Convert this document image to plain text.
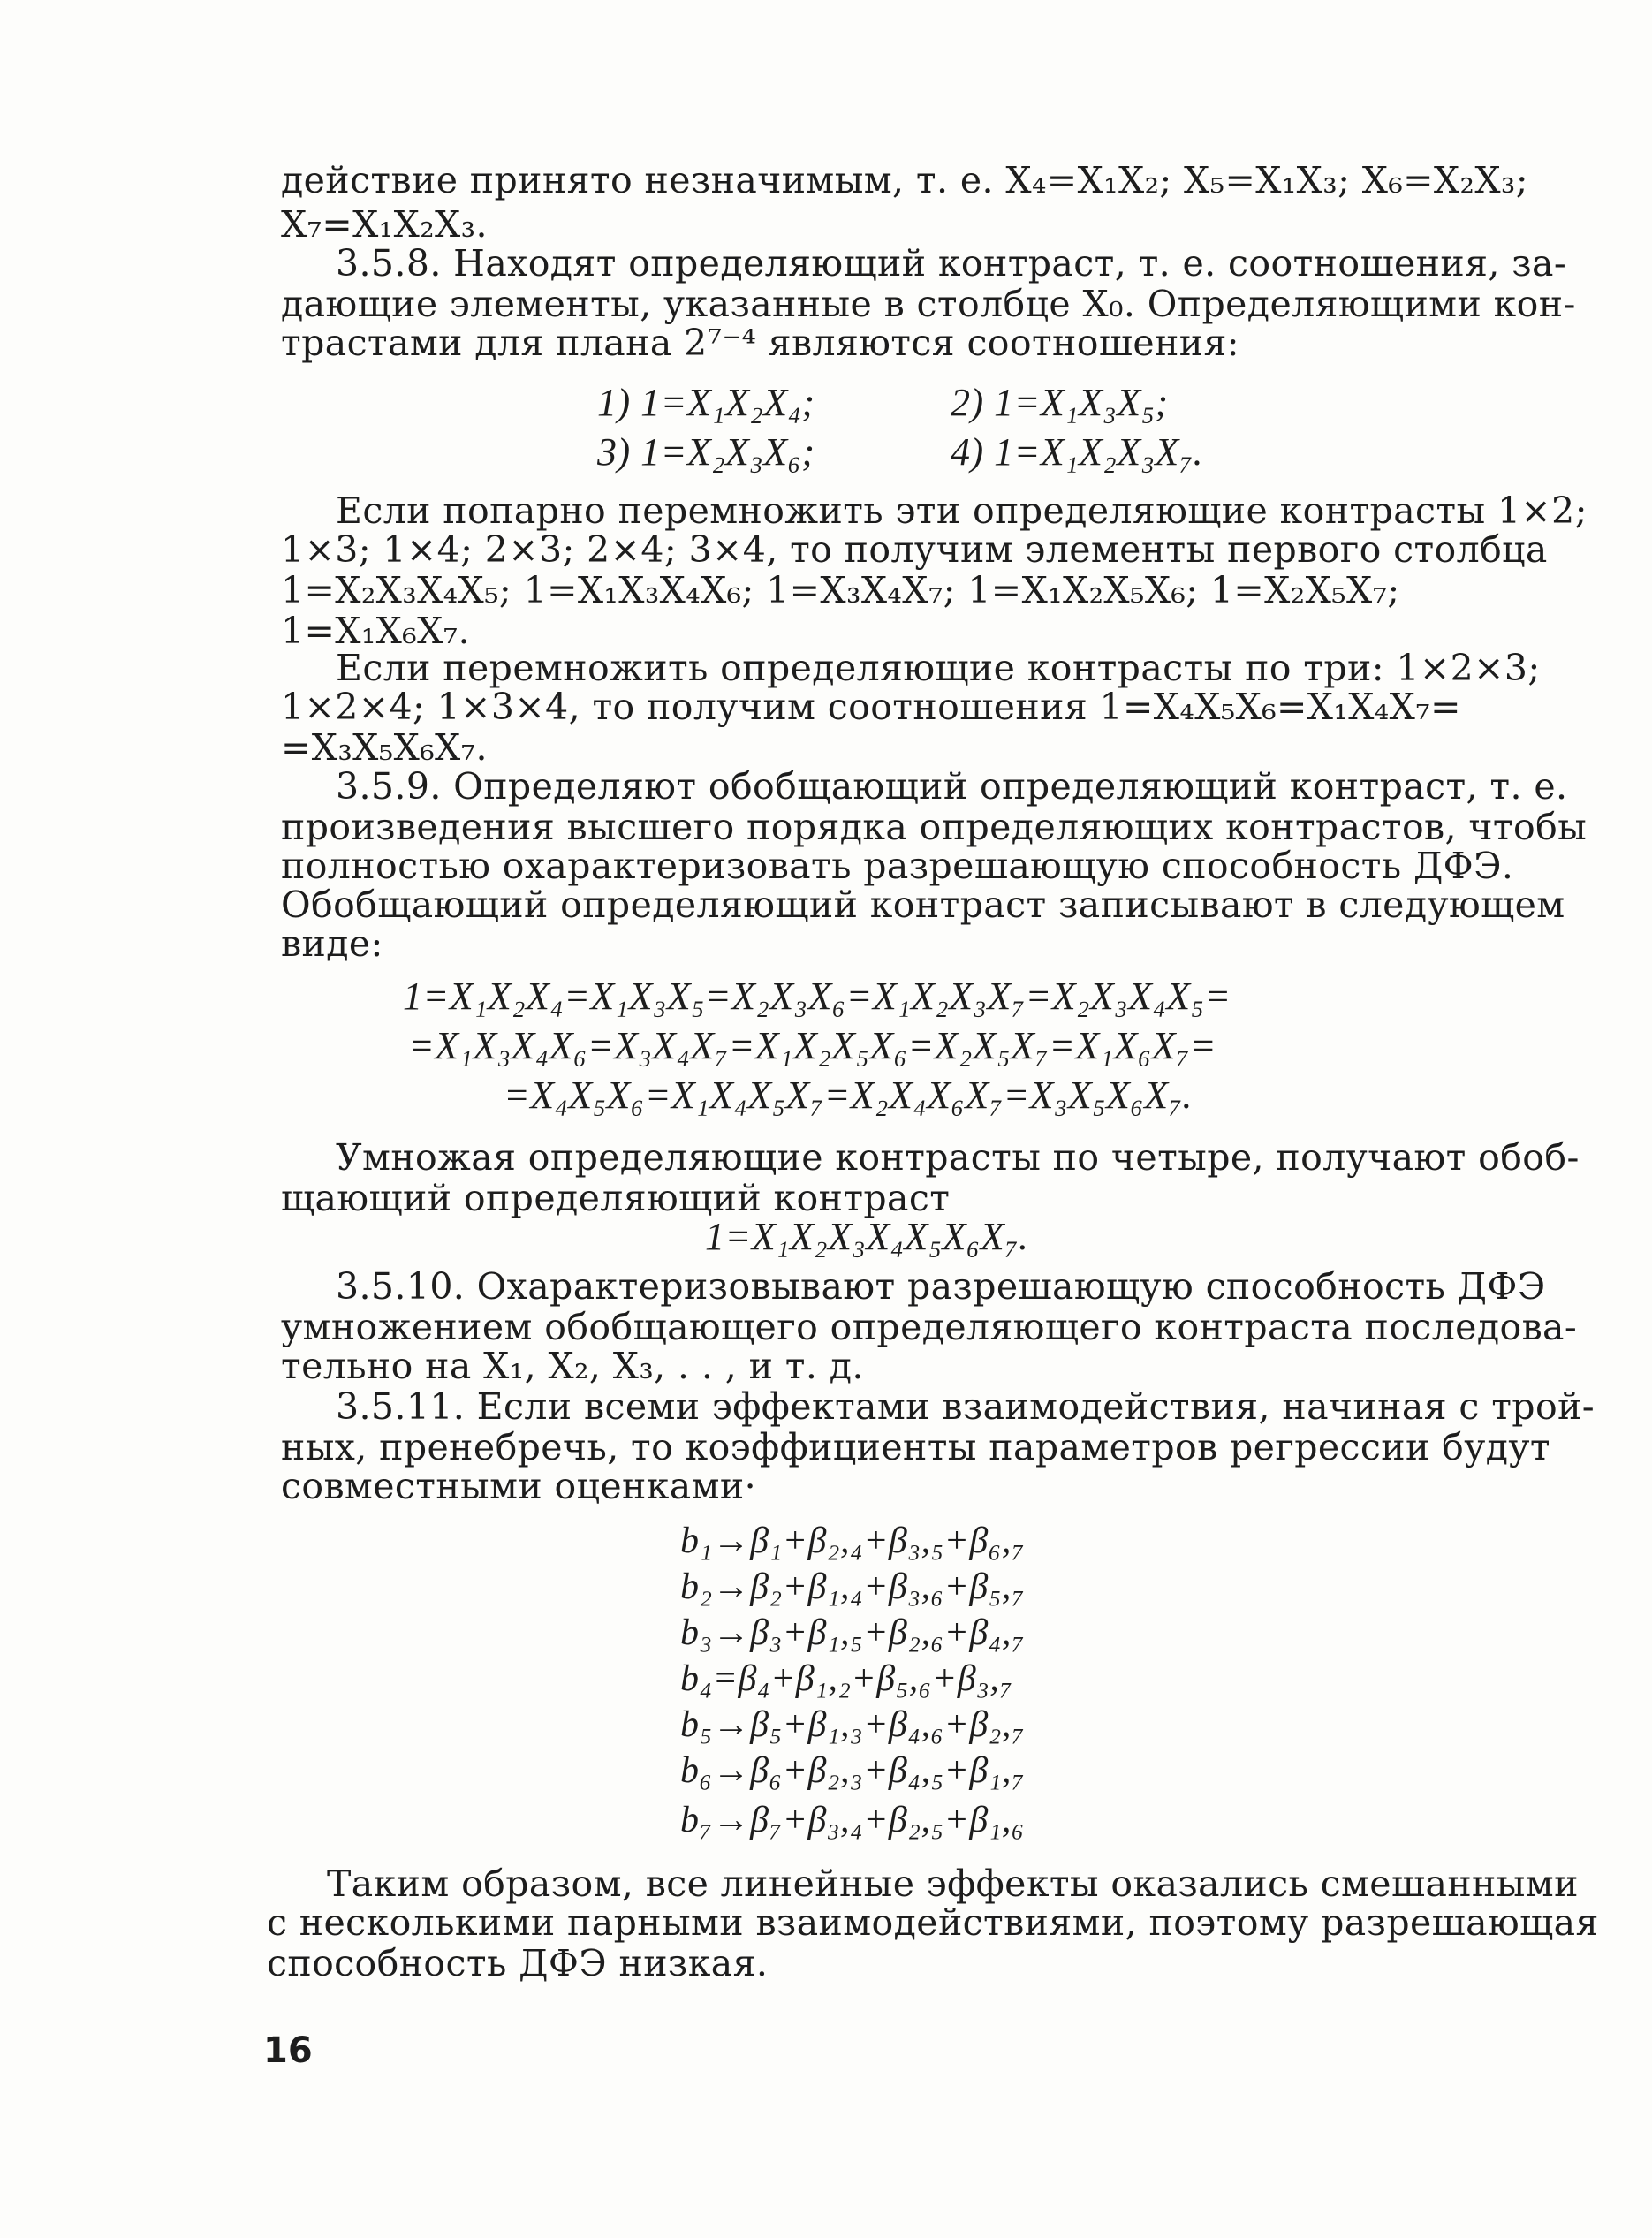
действие принято незначимым, т. е. X₄=X₁X₂; X₅=X₁X₃; X₆=X₂X₃;
X₇=X₁X₂X₃.
3.5.8. Находят определяющий контраст, т. е. соотношения, за-
дающие элементы, указанные в столбце X₀. Определяющими кон-
трастами для плана 2⁷⁻⁴ являются соотношения:
1) 1=X₁X₂X₄;	2) 1=X₁X₃X₅;
3) 1=X₂X₃X₆;	4) 1=X₁X₂X₃X₇.
Если попарно перемножить эти определяющие контрасты 1×2;
1×3; 1×4; 2×3; 2×4; 3×4, то получим элементы первого столбца
1=X₂X₃X₄X₅; 1=X₁X₃X₄X₆; 1=X₃X₄X₇; 1=X₁X₂X₅X₆; 1=X₂X₅X₇;
1=X₁X₆X₇.
Если перемножить определяющие контрасты по три: 1×2×3;
1×2×4; 1×3×4, то получим соотношения 1=X₄X₅X₆=X₁X₄X₇=
=X₃X₅X₆X₇.
3.5.9. Определяют обобщающий определяющий контраст, т. е.
произведения высшего порядка определяющих контрастов, чтобы
полностью охарактеризовать разрешающую способность ДФЭ.
Обобщающий определяющий контраст записывают в следующем
виде:
1=X₁X₂X₄=X₁X₃X₅=X₂X₃X₆=X₁X₂X₃X₇=X₂X₃X₄X₅=
=X₁X₃X₄X₆=X₃X₄X₇=X₁X₂X₅X₆=X₂X₅X₇=X₁X₆X₇=
=X₄X₅X₆=X₁X₄X₅X₇=X₂X₄X₆X₇=X₃X₅X₆X₇.
Умножая определяющие контрасты по четыре, получают обоб-
щающий определяющий контраст
1=X₁X₂X₃X₄X₅X₆X₇.
3.5.10. Охарактеризовывают разрешающую способность ДФЭ
умножением обобщающего определяющего контраста последова-
тельно на X₁, X₂, X₃, . . , и т. д.
3.5.11. Если всеми эффектами взаимодействия, начиная с трой-
ных, пренебречь, то коэффициенты параметров регрессии будут
совместными оценками·
b₁→β₁+β₂,₄+β₃,₅+β₆,₇
b₂→β₂+β₁,₄+β₃,₆+β₅,₇
b₃→β₃+β₁,₅+β₂,₆+β₄,₇
b₄=β₄+β₁,₂+β₅,₆+β₃,₇
b₅→β₅+β₁,₃+β₄,₆+β₂,₇
b₆→β₆+β₂,₃+β₄,₅+β₁,₇
b₇→β₇+β₃,₄+β₂,₅+β₁,₆
Таким образом, все линейные эффекты оказались смешанными
с несколькими парными взаимодействиями, поэтому разрешающая
способность ДФЭ низкая.
16
